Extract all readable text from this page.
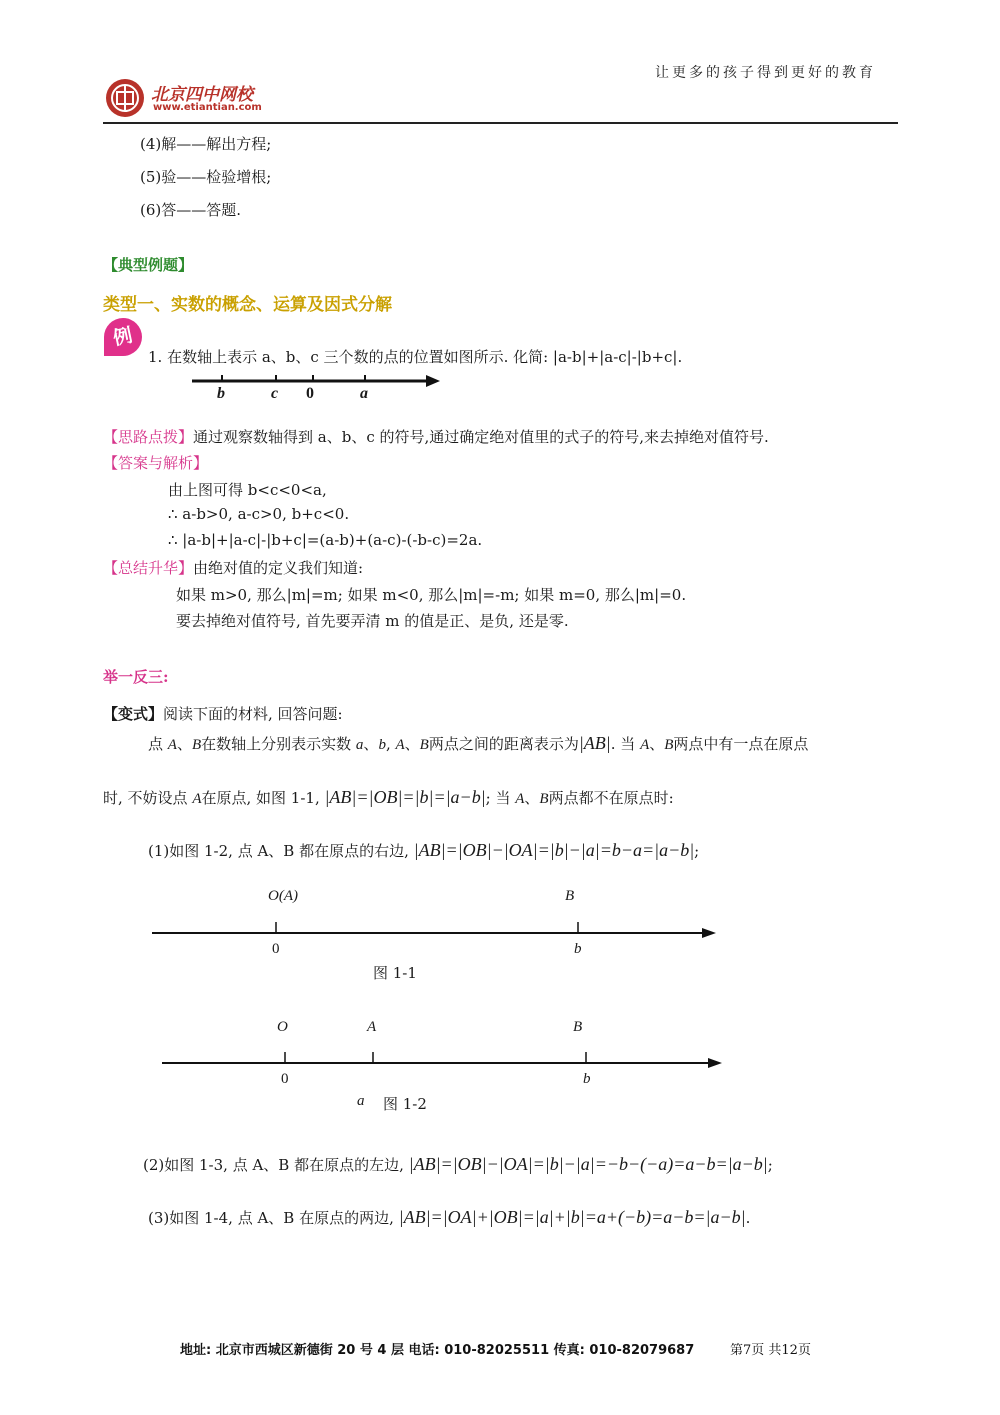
让更多的孩子得到更好的教育
北京四中网校
www.etiantian.com
(4)解——解出方程;
(5)验——检验增根;
(6)答——答题.
【典型例题】
类型一、实数的概念、运算及因式分解
例
1. 在数轴上表示 a、b、c 三个数的点的位置如图所示. 化简: |a-b|+|a-c|-|b+c|.
b	c 0	a
【思路点拨】通过观察数轴得到 a、b、c 的符号,通过确定绝对值里的式子的符号,来去掉绝对值符号.
【答案与解析】
由上图可得 b<c<0<a,
∴ a-b>0, a-c>0, b+c<0.
∴ |a-b|+|a-c|-|b+c|=(a-b)+(a-c)-(-b-c)=2a.
【总结升华】由绝对值的定义我们知道:
如果 m>0, 那么|m|=m; 如果 m<0, 那么|m|=-m; 如果 m=0, 那么|m|=0.
要去掉绝对值符号, 首先要弄清 m 的值是正、是负, 还是零.
举一反三:
【变式】阅读下面的材料, 回答问题:
点 A、B在数轴上分别表示实数 a、b, A、B两点之间的距离表示为|AB|. 当 A、B两点中有一点在原点
时, 不妨设点 A在原点, 如图 1-1, |AB|=|OB|=|b|=|a−b|; 当 A、B两点都不在原点时:
(1)如图 1-2, 点 A、B 都在原点的右边, |AB|=|OB|−|OA|=|b|−|a|=b−a=|a−b|;
O(A)	B
0	b
图 1-1
O	A	B
0	b
a 图 1-2
(2)如图 1-3, 点 A、B 都在原点的左边, |AB|=|OB|−|OA|=|b|−|a|=−b−(−a)=a−b=|a−b|;
(3)如图 1-4, 点 A、B 在原点的两边, |AB|=|OA|+|OB|=|a|+|b|=a+(−b)=a−b=|a−b|.
地址: 北京市西城区新德街 20 号 4 层 电话: 010-82025511 传真: 010-82079687	第7页 共12页
